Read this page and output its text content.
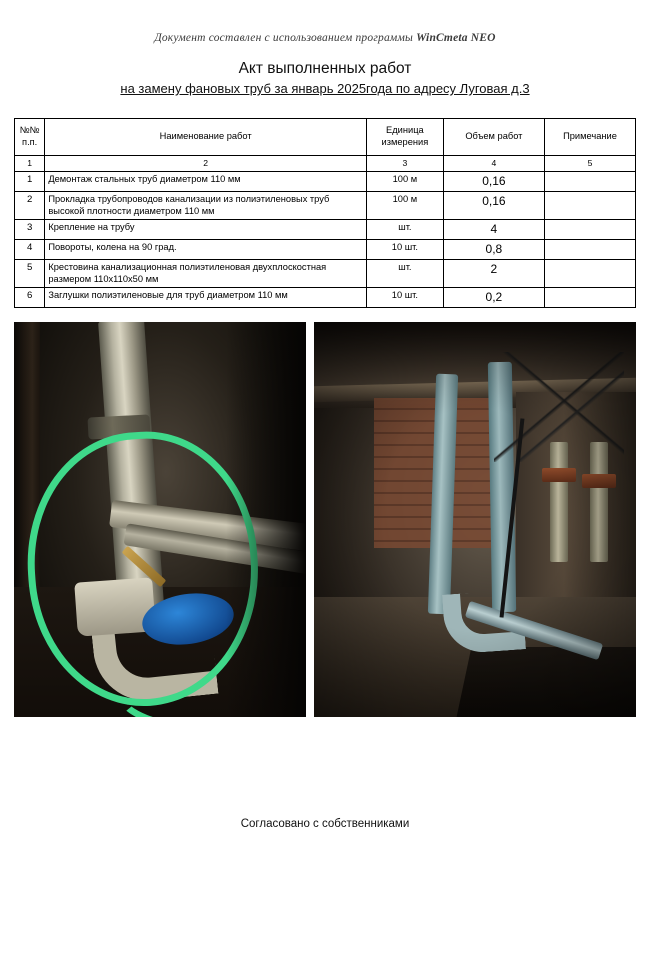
Документ составлен с использованием программы WinCmeta NEO
Акт выполненных работ
на замену фановых труб за январь 2025года по адресу Луговая д.3
№№
п.п.
	Наименование работ	
Единица
измерения
	Объем работ	Примечание
1	2	3	4	5
1	Демонтаж стальных труб диаметром 110 мм	100 м	0,16	
2	Прокладка трубопроводов канализации из полиэтиленовых труб высокой плотности диаметром 110 мм	100 м	0,16	
3	Крепление на трубу	шт.	4	
4	Повороты, колена на 90 град.	10 шт.	0,8	
5	Крестовина канализационная полиэтиленовая двухплоскостная размером 110х110х50 мм	шт.	2	
6	Заглушки полиэтиленовые для труб диаметром 110 мм	10 шт.	0,2	
Согласовано с собственниками
